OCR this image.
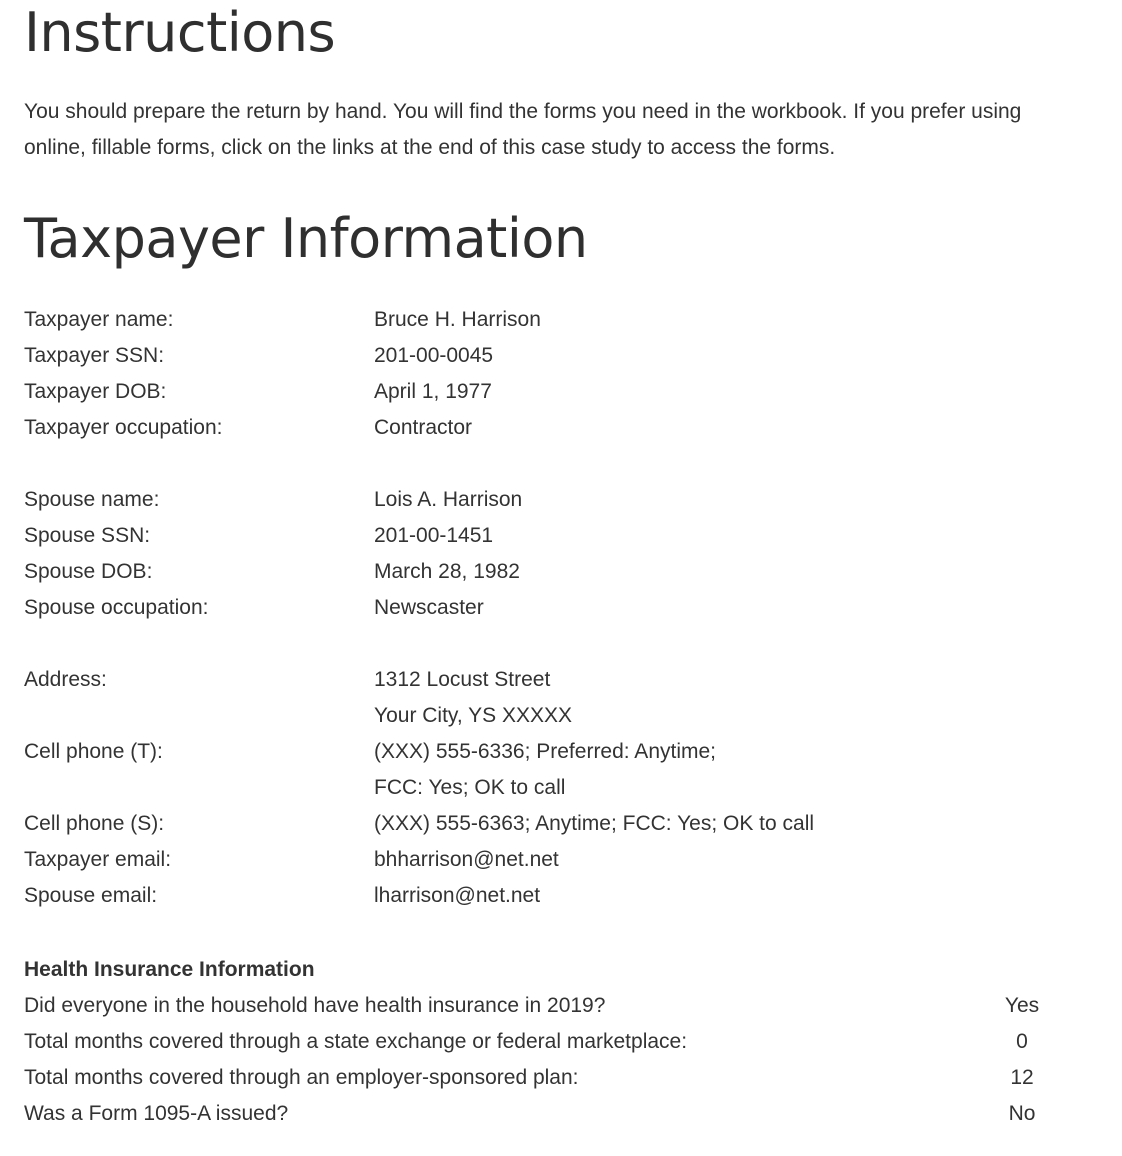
Instructions

You should prepare the return by hand. You will find the forms you need in the workbook. If you prefer using online, fillable forms, click on the links at the end of this case study to access the forms.

Taxpayer Information
Taxpayer name:	Bruce H. Harrison
Taxpayer SSN:	201-00-0045
Taxpayer DOB:	April 1, 1977
Taxpayer occupation:	Contractor
Spouse name:	Lois A. Harrison
Spouse SSN:	201-00-1451
Spouse DOB:	March 28, 1982
Spouse occupation:	Newscaster
Address:	1312 Locust Street
Your City, YS XXXXX
Cell phone (T):	(XXX) 555-6336; Preferred: Anytime;
FCC: Yes; OK to call
Cell phone (S):	(XXX) 555-6363; Anytime; FCC: Yes; OK to call
Taxpayer email:	bhharrison@net.net
Spouse email:	lharrison@net.net
Health Insurance Information
Did everyone in the household have health insurance in 2019?	Yes
Total months covered through a state exchange or federal marketplace:	0
Total months covered through an employer-sponsored plan:	12
Was a Form 1095-A issued?	No
